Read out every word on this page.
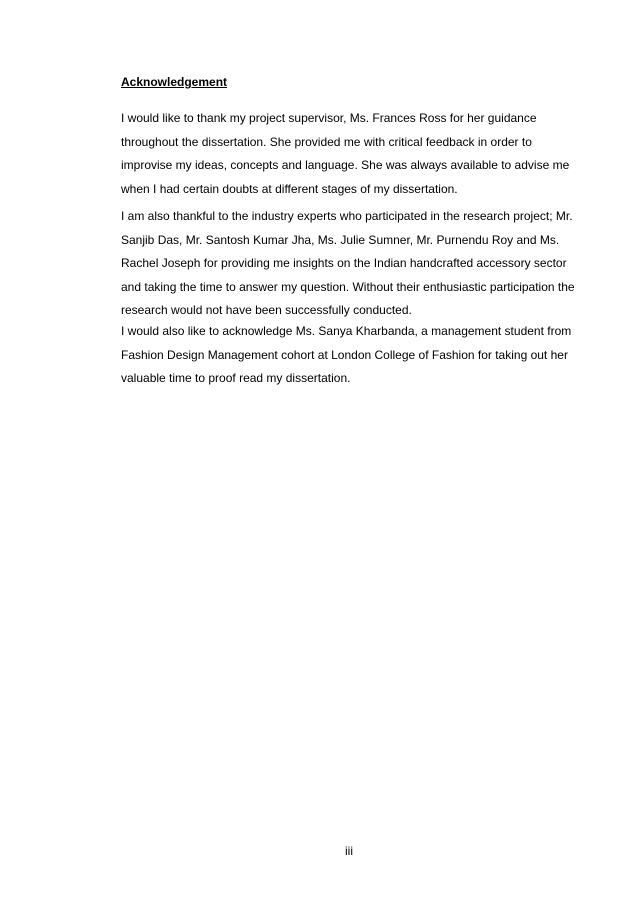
Acknowledgement

I would like to thank my project supervisor, Ms. Frances Ross for her guidance
throughout the dissertation. She provided me with critical feedback in order to
improvise my ideas, concepts and language. She was always available to advise me
when I had certain doubts at different stages of my dissertation.

I am also thankful to the industry experts who participated in the research project; Mr.
Sanjib Das, Mr. Santosh Kumar Jha, Ms. Julie Sumner, Mr. Purnendu Roy and Ms.
Rachel Joseph for providing me insights on the Indian handcrafted accessory sector
and taking the time to answer my question. Without their enthusiastic participation the
research would not have been successfully conducted.

I would also like to acknowledge Ms. Sanya Kharbanda, a management student from
Fashion Design Management cohort at London College of Fashion for taking out her
valuable time to proof read my dissertation.

iii
